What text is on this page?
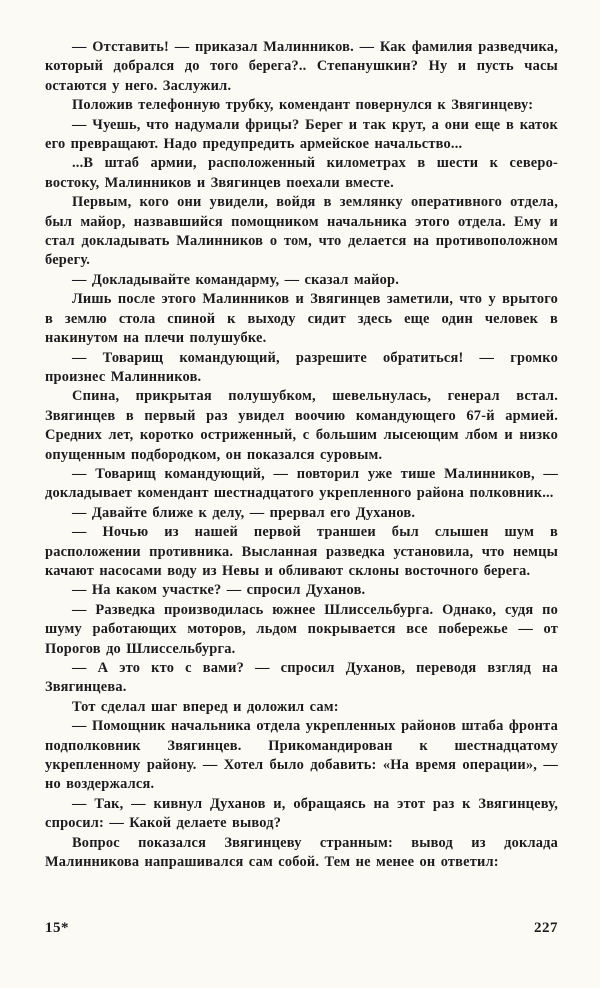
— Отставить! — приказал Малинников. — Как фамилия разведчика, который добрался до того берега?.. Степанушкин? Ну и пусть часы остаются у него. Заслужил.

Положив телефонную трубку, комендант повернулся к Звягинцеву:

— Чуешь, что надумали фрицы? Берег и так крут, а они еще в каток его превращают. Надо предупредить армейское начальство...

...В штаб армии, расположенный километрах в шести к северо-востоку, Малинников и Звягинцев поехали вместе.

Первым, кого они увидели, войдя в землянку оперативного отдела, был майор, назвавшийся помощником начальника этого отдела. Ему и стал докладывать Малинников о том, что делается на противоположном берегу.

— Докладывайте командарму, — сказал майор.

Лишь после этого Малинников и Звягинцев заметили, что у врытого в землю стола спиной к выходу сидит здесь еще один человек в накинутом на плечи полушубке.

— Товарищ командующий, разрешите обратиться! — громко произнес Малинников.

Спина, прикрытая полушубком, шевельнулась, генерал встал. Звягинцев в первый раз увидел воочию командующего 67-й армией. Средних лет, коротко остриженный, с большим лысеющим лбом и низко опущенным подбородком, он показался суровым.

— Товарищ командующий, — повторил уже тише Малинников, — докладывает комендант шестнадцатого укрепленного района полковник...

— Давайте ближе к делу, — прервал его Духанов.

— Ночью из нашей первой траншеи был слышен шум в расположении противника. Высланная разведка установила, что немцы качают насосами воду из Невы и обливают склоны восточного берега.

— На каком участке? — спросил Духанов.

— Разведка производилась южнее Шлиссельбурга. Однако, судя по шуму работающих моторов, льдом покрывается все побережье — от Порогов до Шлиссельбурга.

— А это кто с вами? — спросил Духанов, переводя взгляд на Звягинцева.

Тот сделал шаг вперед и доложил сам:

— Помощник начальника отдела укрепленных районов штаба фронта подполковник Звягинцев. Прикомандирован к шестнадцатому укрепленному району. — Хотел было добавить: «На время операции», — но воздержался.

— Так, — кивнул Духанов и, обращаясь на этот раз к Звягинцеву, спросил: — Какой делаете вывод?

Вопрос показался Звягинцеву странным: вывод из доклада Малинникова напрашивался сам собой. Тем не менее он ответил:

15*	227
